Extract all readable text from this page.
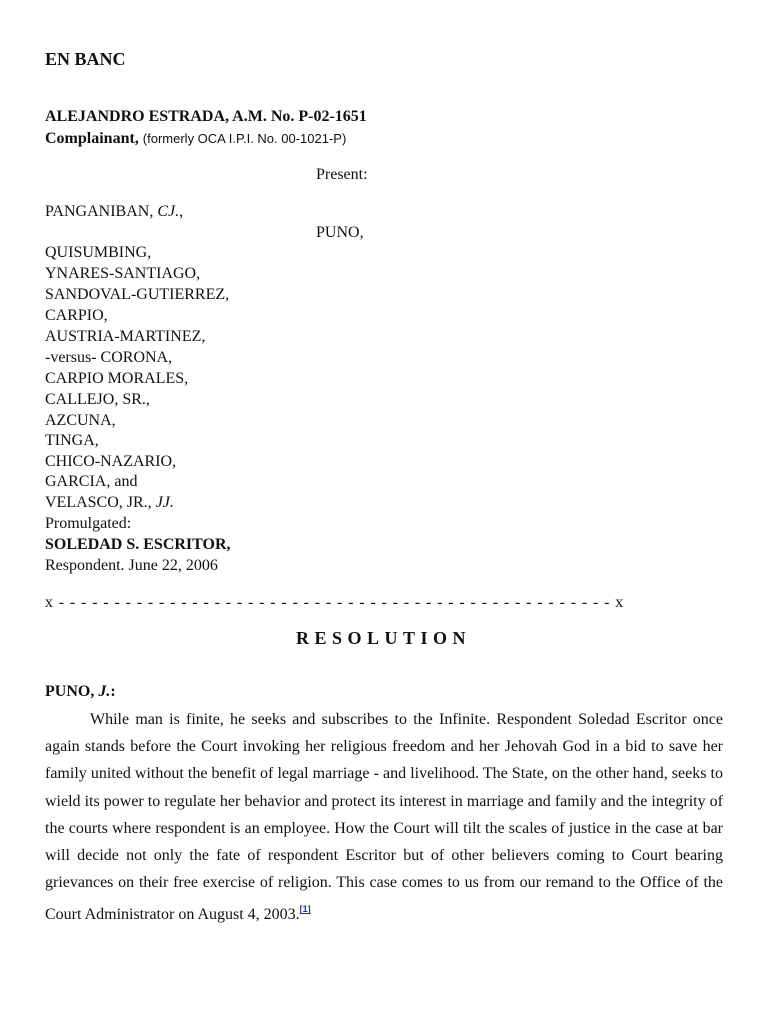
EN BANC
ALEJANDRO ESTRADA, A.M. No. P-02-1651
Complainant, (formerly OCA I.P.I. No. 00-1021-P)
Present:
PANGANIBAN, CJ.,
PUNO,
QUISUMBING,
YNARES-SANTIAGO,
SANDOVAL-GUTIERREZ,
CARPIO,
AUSTRIA-MARTINEZ,
-versus- CORONA,
CARPIO MORALES,
CALLEJO, SR.,
AZCUNA,
TINGA,
CHICO-NAZARIO,
GARCIA, and
VELASCO, JR., JJ.
Promulgated:
SOLEDAD S. ESCRITOR,
Respondent. June 22, 2006
x - - - - - - - - - - - - - - - - - - - - - - - - - - - - - - - - - - - - - - - - - - - - - - - - - - x
RESOLUTION
PUNO, J.:

While man is finite, he seeks and subscribes to the Infinite. Respondent Soledad Escritor once again stands before the Court invoking her religious freedom and her Jehovah God in a bid to save her family united without the benefit of legal marriage - and livelihood. The State, on the other hand, seeks to wield its power to regulate her behavior and protect its interest in marriage and family and the integrity of the courts where respondent is an employee. How the Court will tilt the scales of justice in the case at bar will decide not only the fate of respondent Escritor but of other believers coming to Court bearing grievances on their free exercise of religion. This case comes to us from our remand to the Office of the Court Administrator on August 4, 2003.[1]
